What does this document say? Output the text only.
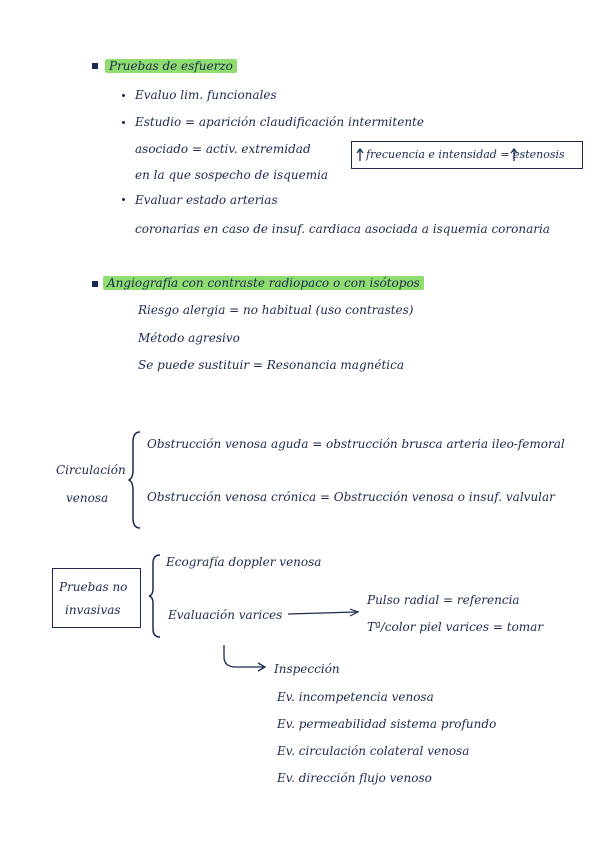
Pruebas de esfuerzo
Evaluo lim. funcionales
Estudio = aparición claudificación intermitente
asociado = activ. extremidad
en la que sospecho de isquemia
frecuencia e intensidad = estenosis
Evaluar estado arterias
coronarias en caso de insuf. cardiaca asociada a isquemia coronaria
Angiografía con contraste radiopaco o con isótopos
Riesgo alergia = no habitual (uso contrastes)
Método agresivo
Se puede sustituir = Resonancia magnética
Circulación
venosa
Obstrucción venosa aguda = obstrucción brusca arteria ileo-femoral
Obstrucción venosa crónica = Obstrucción venosa o insuf. valvular
Pruebas no
invasivas
Ecografía doppler venosa
Evaluación varices
Pulso radial = referencia
Tª/color piel varices = tomar
Inspección
Ev. incompetencia venosa
Ev. permeabilidad sistema profundo
Ev. circulación colateral venosa
Ev. dirección flujo venoso
